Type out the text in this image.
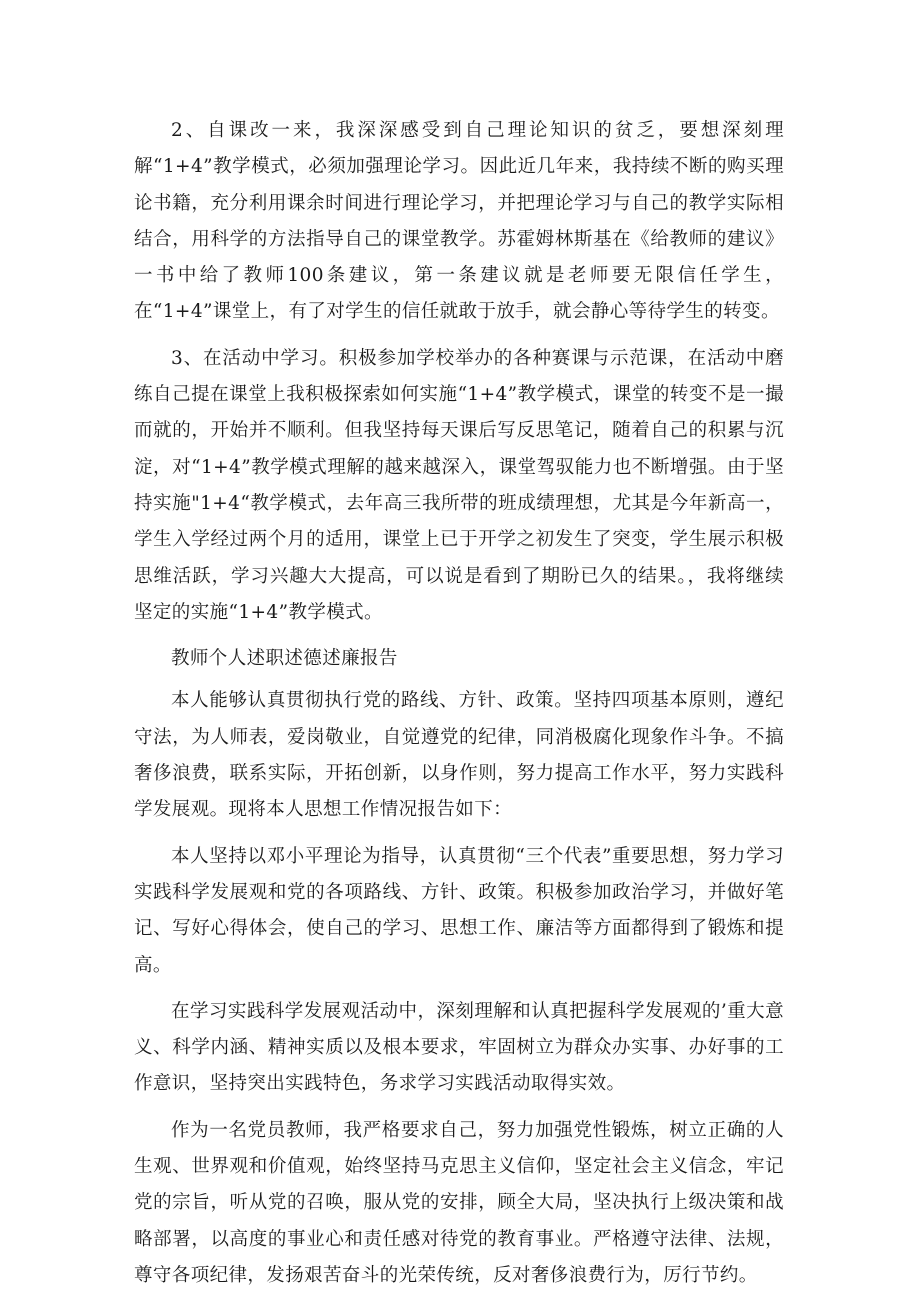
2、自课改一来，我深深感受到自己理论知识的贫乏，要想深刻理解“1+4”教学模式，必须加强理论学习。因此近几年来，我持续不断的购买理论书籍，充分利用课余时间进行理论学习，并把理论学习与自己的教学实际相结合，用科学的方法指导自己的课堂教学。苏霍姆林斯基在《给教师的建议》一书中给了教师100条建议，第一条建议就是老师要无限信任学生，在“1+4”课堂上，有了对学生的信任就敢于放手，就会静心等待学生的转变。

3、在活动中学习。积极参加学校举办的各种赛课与示范课，在活动中磨练自己提在课堂上我积极探索如何实施“1+4”教学模式，课堂的转变不是一撮而就的，开始并不顺利。但我坚持每天课后写反思笔记，随着自己的积累与沉淀，对“1+4”教学模式理解的越来越深入，课堂驾驭能力也不断增强。由于坚持实施"1+4“教学模式，去年高三我所带的班成绩理想，尤其是今年新高一，学生入学经过两个月的适用，课堂上已于开学之初发生了突变，学生展示积极思维活跃，学习兴趣大大提高，可以说是看到了期盼已久的结果。，我将继续坚定的实施“1+4”教学模式。

教师个人述职述德述廉报告

本人能够认真贯彻执行党的路线、方针、政策。坚持四项基本原则，遵纪守法，为人师表，爱岗敬业，自觉遵党的纪律，同消极腐化现象作斗争。不搞奢侈浪费，联系实际，开拓创新，以身作则，努力提高工作水平，努力实践科学发展观。现将本人思想工作情况报告如下：

本人坚持以邓小平理论为指导，认真贯彻“三个代表”重要思想，努力学习实践科学发展观和党的各项路线、方针、政策。积极参加政治学习，并做好笔记、写好心得体会，使自己的学习、思想工作、廉洁等方面都得到了锻炼和提高。

在学习实践科学发展观活动中，深刻理解和认真把握科学发展观的’重大意义、科学内涵、精神实质以及根本要求，牢固树立为群众办实事、办好事的工作意识，坚持突出实践特色，务求学习实践活动取得实效。

作为一名党员教师，我严格要求自己，努力加强党性锻炼，树立正确的人生观、世界观和价值观，始终坚持马克思主义信仰，坚定社会主义信念，牢记党的宗旨，听从党的召唤，服从党的安排，顾全大局，坚决执行上级决策和战略部署，以高度的事业心和责任感对待党的教育事业。严格遵守法律、法规，尊守各项纪律，发扬艰苦奋斗的光荣传统，反对奢侈浪费行为，厉行节约。
